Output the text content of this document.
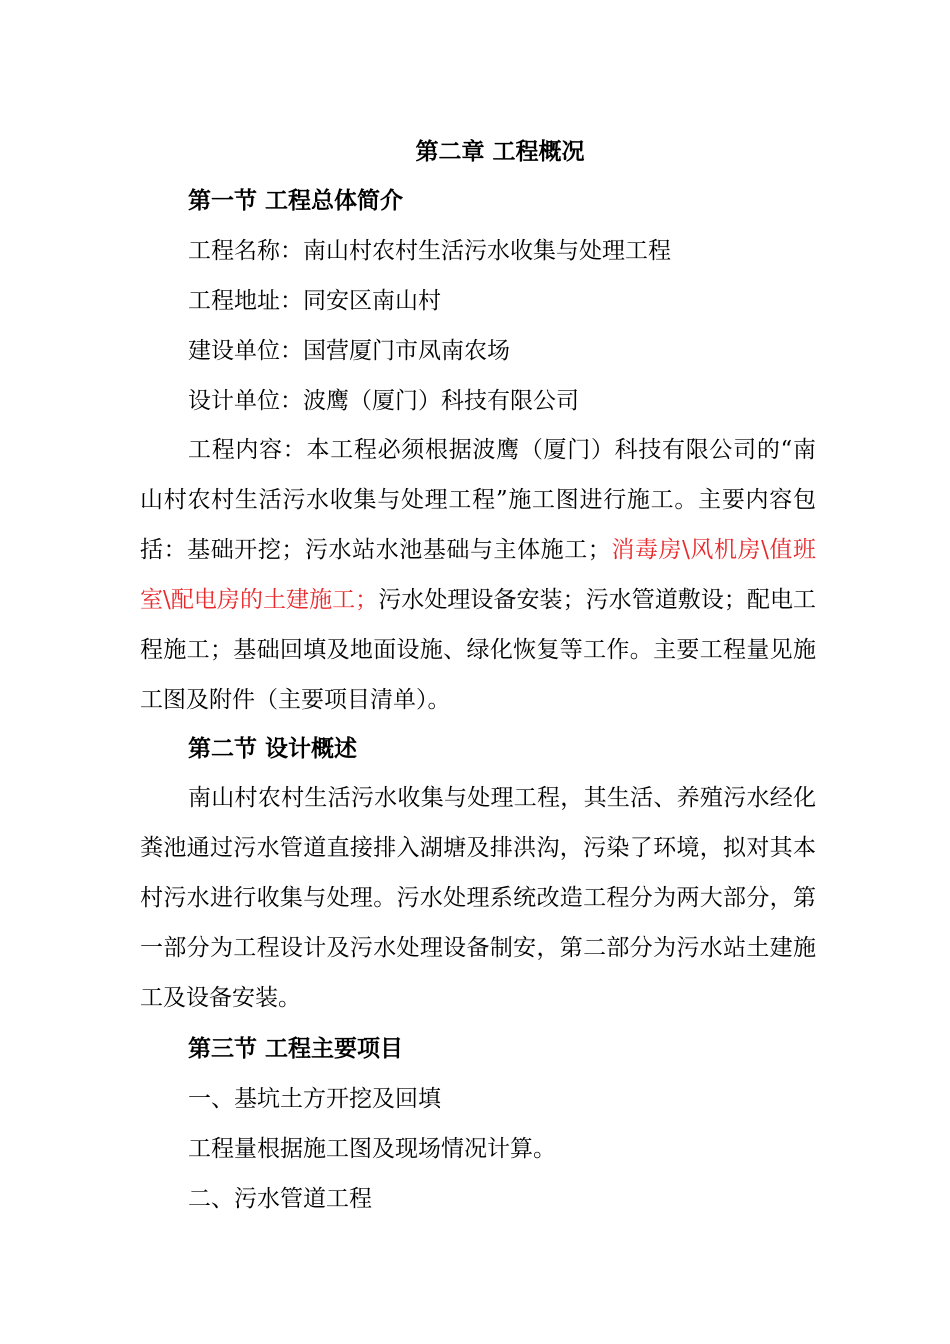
第二章 工程概况
第一节 工程总体简介

工程名称：南山村农村生活污水收集与处理工程

工程地址：同安区南山村

建设单位：国营厦门市凤南农场

设计单位：波鹰（厦门）科技有限公司

工程内容：本工程必须根据波鹰（厦门）科技有限公司的“南山村农村生活污水收集与处理工程”施工图进行施工。主要内容包括：基础开挖；污水站水池基础与主体施工；消毒房\风机房\值班室\配电房的土建施工；污水处理设备安装；污水管道敷设；配电工程施工；基础回填及地面设施、绿化恢复等工作。主要工程量见施工图及附件（主要项目清单）。

第二节 设计概述

南山村农村生活污水收集与处理工程，其生活、养殖污水经化粪池通过污水管道直接排入湖塘及排洪沟，污染了环境，拟对其本村污水进行收集与处理。污水处理系统改造工程分为两大部分，第一部分为工程设计及污水处理设备制安，第二部分为污水站土建施工及设备安装。

第三节 工程主要项目

一、基坑土方开挖及回填

工程量根据施工图及现场情况计算。

二、污水管道工程
